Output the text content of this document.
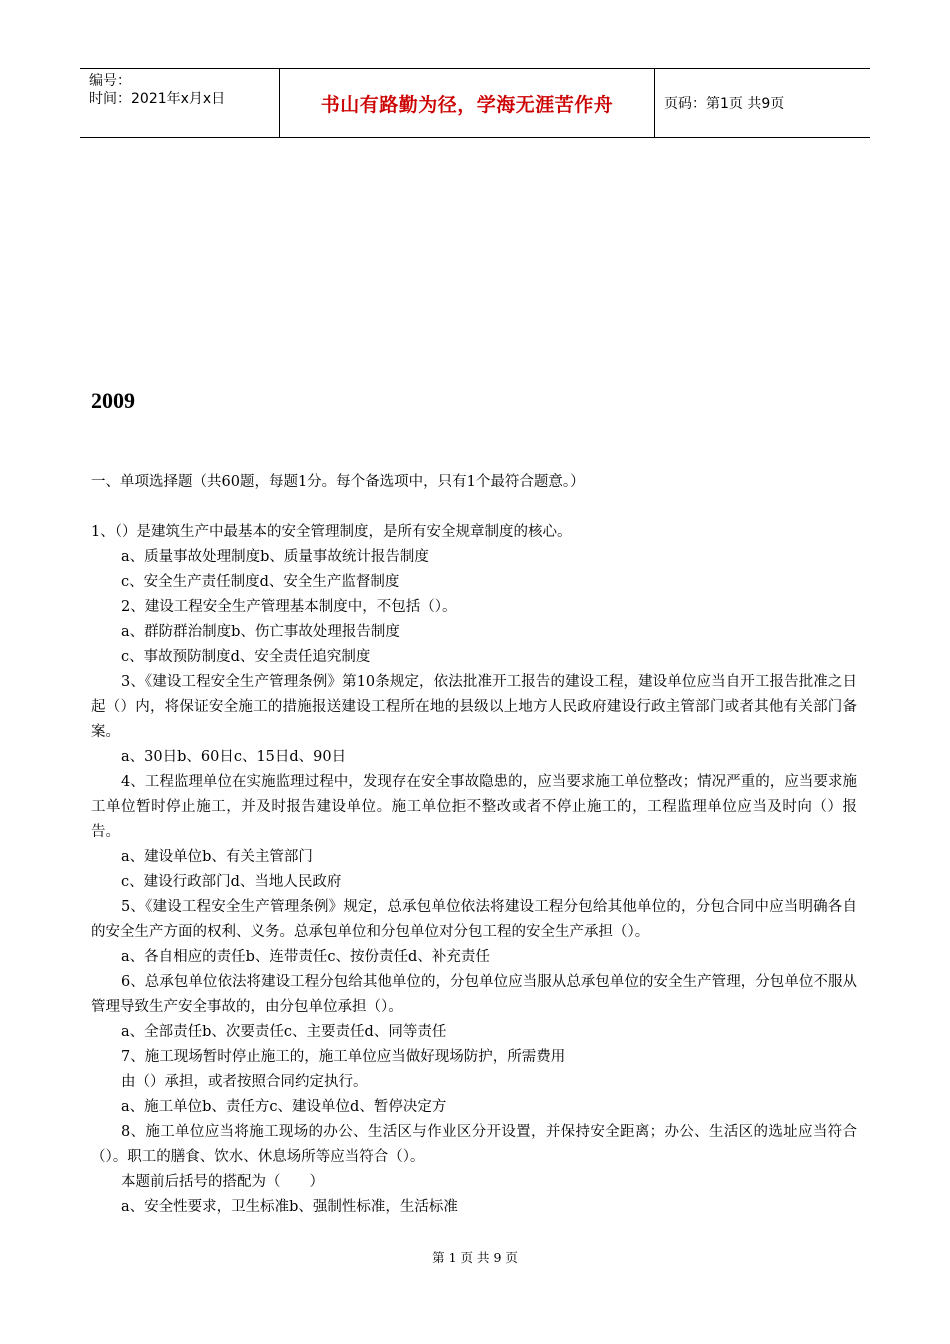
编号：
时间：2021年x月x日	书山有路勤为径，学海无涯苦作舟	页码：第1页 共9页
2009
一、单项选择题（共60题，每题1分。每个备选项中，只有1个最符合题意。）

1、（）是建筑生产中最基本的安全管理制度，是所有安全规章制度的核心。

a、质量事故处理制度b、质量事故统计报告制度

c、安全生产责任制度d、安全生产监督制度

2、建设工程安全生产管理基本制度中，不包括（）。

a、群防群治制度b、伤亡事故处理报告制度

c、事故预防制度d、安全责任追究制度

3、《建设工程安全生产管理条例》第10条规定，依法批准开工报告的建设工程，建设单位应当自开工报告批准之日起（）内，将保证安全施工的措施报送建设工程所在地的县级以上地方人民政府建设行政主管部门或者其他有关部门备案。

a、30日b、60日c、15日d、90日

4、工程监理单位在实施监理过程中，发现存在安全事故隐患的，应当要求施工单位整改；情况严重的，应当要求施工单位暂时停止施工，并及时报告建设单位。施工单位拒不整改或者不停止施工的，工程监理单位应当及时向（）报告。

a、建设单位b、有关主管部门

c、建设行政部门d、当地人民政府

5、《建设工程安全生产管理条例》规定，总承包单位依法将建设工程分包给其他单位的，分包合同中应当明确各自的安全生产方面的权利、义务。总承包单位和分包单位对分包工程的安全生产承担（）。

a、各自相应的责任b、连带责任c、按份责任d、补充责任

6、总承包单位依法将建设工程分包给其他单位的，分包单位应当服从总承包单位的安全生产管理，分包单位不服从管理导致生产安全事故的，由分包单位承担（）。

a、全部责任b、次要责任c、主要责任d、同等责任

7、施工现场暂时停止施工的，施工单位应当做好现场防护，所需费用

由（）承担，或者按照合同约定执行。

a、施工单位b、责任方c、建设单位d、暂停决定方

8、施工单位应当将施工现场的办公、生活区与作业区分开设置，并保持安全距离；办公、生活区的选址应当符合（）。职工的膳食、饮水、休息场所等应当符合（）。

本题前后括号的搭配为（　　）

a、安全性要求，卫生标准b、强制性标准，生活标准

第 1 页 共 9 页
